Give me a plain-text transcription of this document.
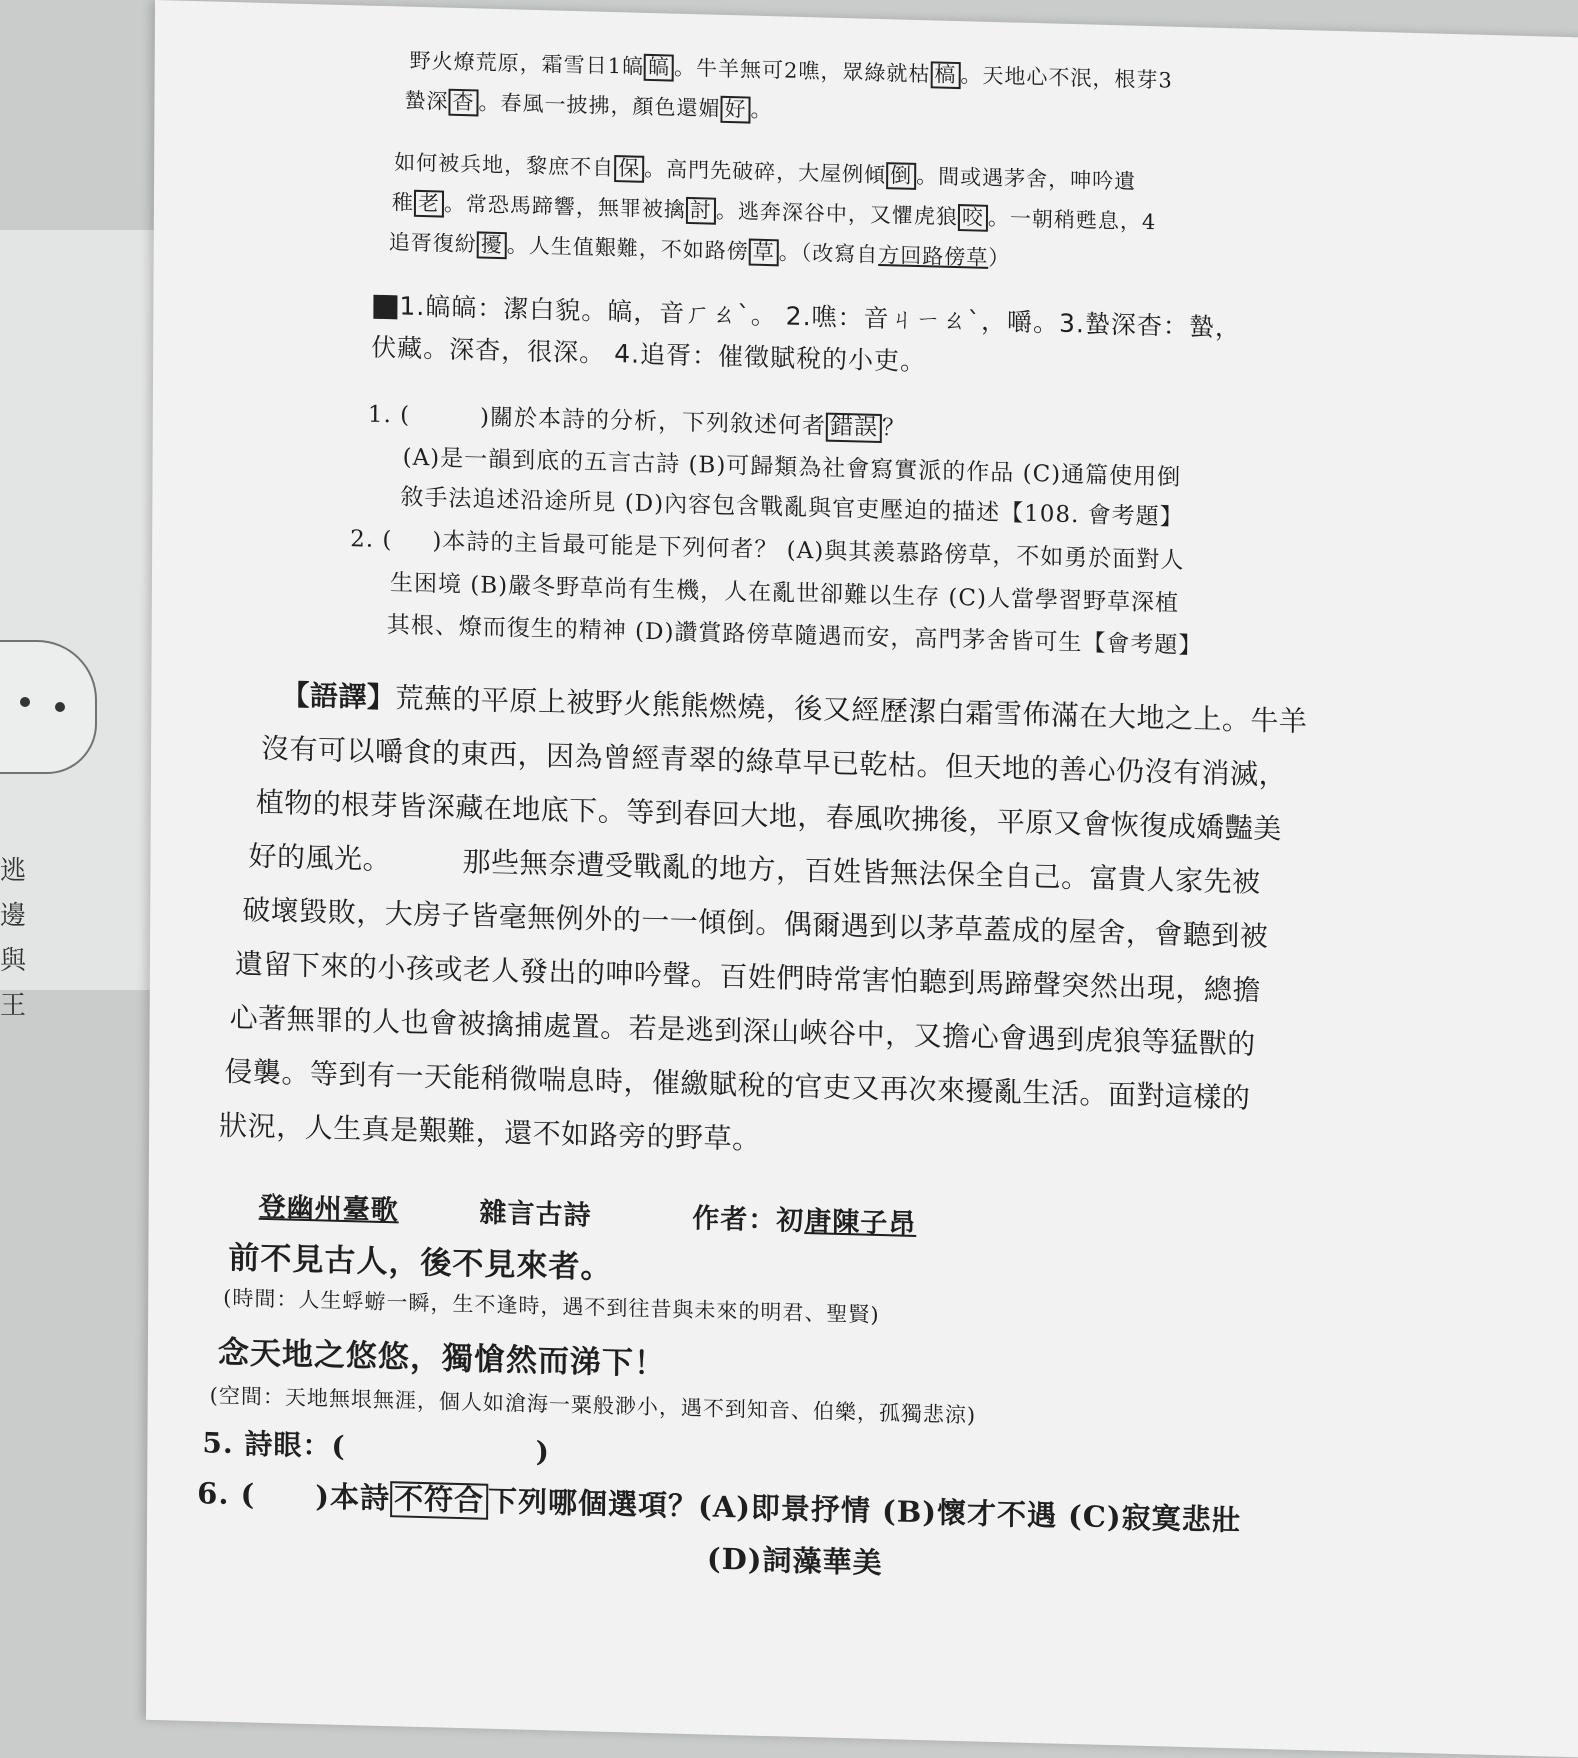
逃
邊
與
王
野火燎荒原，霜雪日1皜 皜 。牛羊無可2噍，眾綠就枯 槁 。天地心不泯，根芽3
蟄深 杳 。春風一披拂，顏色還媚 好 。
如何被兵地，黎庶不自 保 。高門先破碎，大屋例傾 倒 。間或遇茅舍，呻吟遺
稚 老 。常恐馬蹄響，無罪被擒 討 。逃奔深谷中，又懼虎狼 咬 。一朝稍甦息，4
追胥復紛 擾 。人生值艱難，不如路傍 草 。（改寫自方回路傍草）
1.皜皜：潔白貌。皜，音ㄏㄠˋ。 2.噍：音ㄐㄧㄠˋ，嚼。3.蟄深杳：蟄，
伏藏。深杳，很深。 4.追胥：催徵賦稅的小吏。
1. (	)關於本詩的分析，下列敘述何者 錯誤 ？
(A)是一韻到底的五言古詩 (B)可歸類為社會寫實派的作品 (C)通篇使用倒
敘手法追述沿途所見 (D)內容包含戰亂與官吏壓迫的描述【108. 會考題】
2. ( )本詩的主旨最可能是下列何者？ (A)與其羨慕路傍草，不如勇於面對人
生困境 (B)嚴冬野草尚有生機，人在亂世卻難以生存 (C)人當學習野草深植
其根、燎而復生的精神 (D)讚賞路傍草隨遇而安，高門茅舍皆可生【會考題】
【語譯】荒蕪的平原上被野火熊熊燃燒，後又經歷潔白霜雪佈滿在大地之上。牛羊
沒有可以嚼食的東西，因為曾經青翠的綠草早已乾枯。但天地的善心仍沒有消滅，
植物的根芽皆深藏在地底下。等到春回大地，春風吹拂後，平原又會恢復成嬌豔美
好的風光。　　　那些無奈遭受戰亂的地方，百姓皆無法保全自己。富貴人家先被
破壞毀敗，大房子皆毫無例外的一一傾倒。偶爾遇到以茅草蓋成的屋舍，會聽到被
遺留下來的小孩或老人發出的呻吟聲。百姓們時常害怕聽到馬蹄聲突然出現，總擔
心著無罪的人也會被擒捕處置。若是逃到深山峽谷中，又擔心會遇到虎狼等猛獸的
侵襲。等到有一天能稍微喘息時，催繳賦稅的官吏又再次來擾亂生活。面對這樣的
狀況，人生真是艱難，還不如路旁的野草。
登幽州臺歌	雜言古詩	作者：初唐陳子昂
前不見古人，後不見來者。
(時間：人生蜉蝣一瞬，生不逢時，遇不到往昔與未來的明君、聖賢)
念天地之悠悠，獨愴然而涕下！
(空間：天地無垠無涯，個人如滄海一粟般渺小，遇不到知音、伯樂，孤獨悲涼)
5. 詩眼：(	)
6. ( )本詩 不符合 下列哪個選項？(A)即景抒情 (B)懷才不遇 (C)寂寞悲壯
(D)詞藻華美
